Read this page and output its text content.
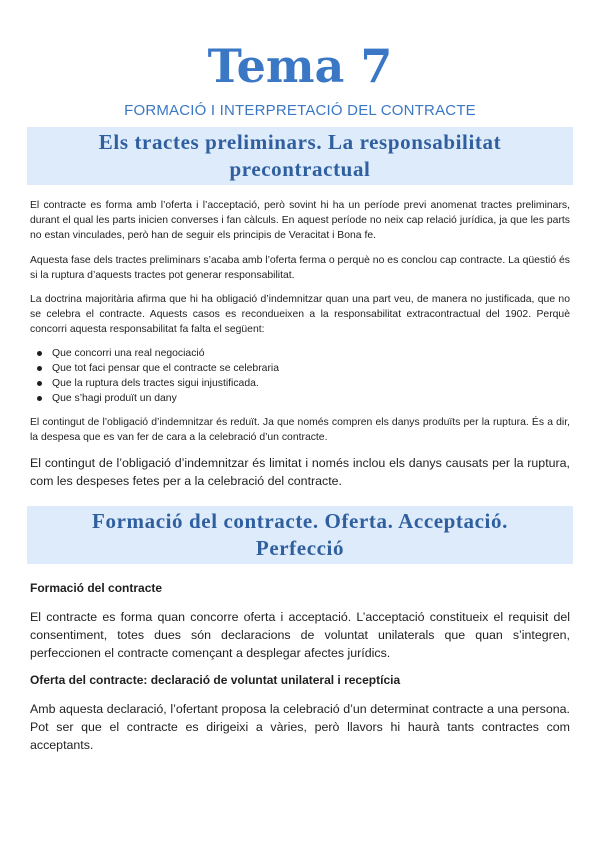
Tema 7
FORMACIÓ I INTERPRETACIÓ DEL CONTRACTE
Els tractes preliminars. La responsabilitat precontractual

El contracte es forma amb l’oferta i l’acceptació, però sovint hi ha un període previ anomenat tractes preliminars, durant el qual les parts inicien converses i fan càlculs. En aquest període no neix cap relació jurídica, ja que les parts no estan vinculades, però han de seguir els principis de Veracitat i Bona fe.

Aquesta fase dels tractes preliminars s’acaba amb l’oferta ferma o perquè no es conclou cap contracte. La qüestió és si la ruptura d’aquests tractes pot generar responsabilitat.

La doctrina majoritària afirma que hi ha obligació d’indemnitzar quan una part veu, de manera no justificada, que no se celebra el contracte. Aquests casos es recondueixen a la responsabilitat extracontractual del 1902. Perquè concorri aquesta responsabilitat fa falta el següent:

Que concorri una real negociació
Que tot faci pensar que el contracte se celebraria
Que la ruptura dels tractes sigui injustificada.
Que s’hagi produït un dany

El contingut de l’obligació d’indemnitzar és reduït. Ja que només compren els danys produïts per la ruptura. És a dir, la despesa que es van fer de cara a la celebració d’un contracte.

El contingut de l’obligació d’indemnitzar és limitat i només inclou els danys causats per la ruptura, com les despeses fetes per a la celebració del contracte.

Formació del contracte. Oferta. Acceptació. Perfecció
Formació del contracte

El contracte es forma quan concorre oferta i acceptació. L’acceptació constitueix el requisit del consentiment, totes dues són declaracions de voluntat unilaterals que quan s’integren, perfeccionen el contracte començant a desplegar afectes jurídics.

Oferta del contracte: declaració de voluntat unilateral i receptícia

Amb aquesta declaració, l’ofertant proposa la celebració d’un determinat contracte a una persona. Pot ser que el contracte es dirigeixi a vàries, però llavors hi haurà tants contractes com acceptants.
